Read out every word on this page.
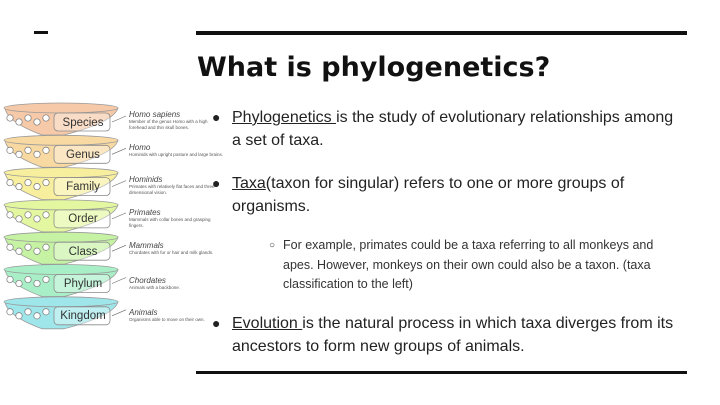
What is phylogenetics?
Species
Genus
Family
Order
Class
Phylum
Kingdom
Homo sapiens
Member of the genus Homo with a high forehead and thin skull bones.
Homo
Hominids with upright posture and large brains.
Hominids
Primates with relatively flat faces and three-dimensional vision.
Primates
Mammals with collar bones and grasping fingers.
Mammals
Chordates with fur or hair and milk glands.
Chordates
Animals with a backbone.
Animals
Organisms able to move on their own.
● Phylogenetics is the study of evolutionary relationships among a set of taxa.
● Taxa(taxon for singular) refers to one or more groups of organisms.
○ For example, primates could be a taxa referring to all monkeys and apes. However, monkeys on their own could also be a taxon. (taxa classification to the left)
● Evolution is the natural process in which taxa diverges from its ancestors to form new groups of animals.
